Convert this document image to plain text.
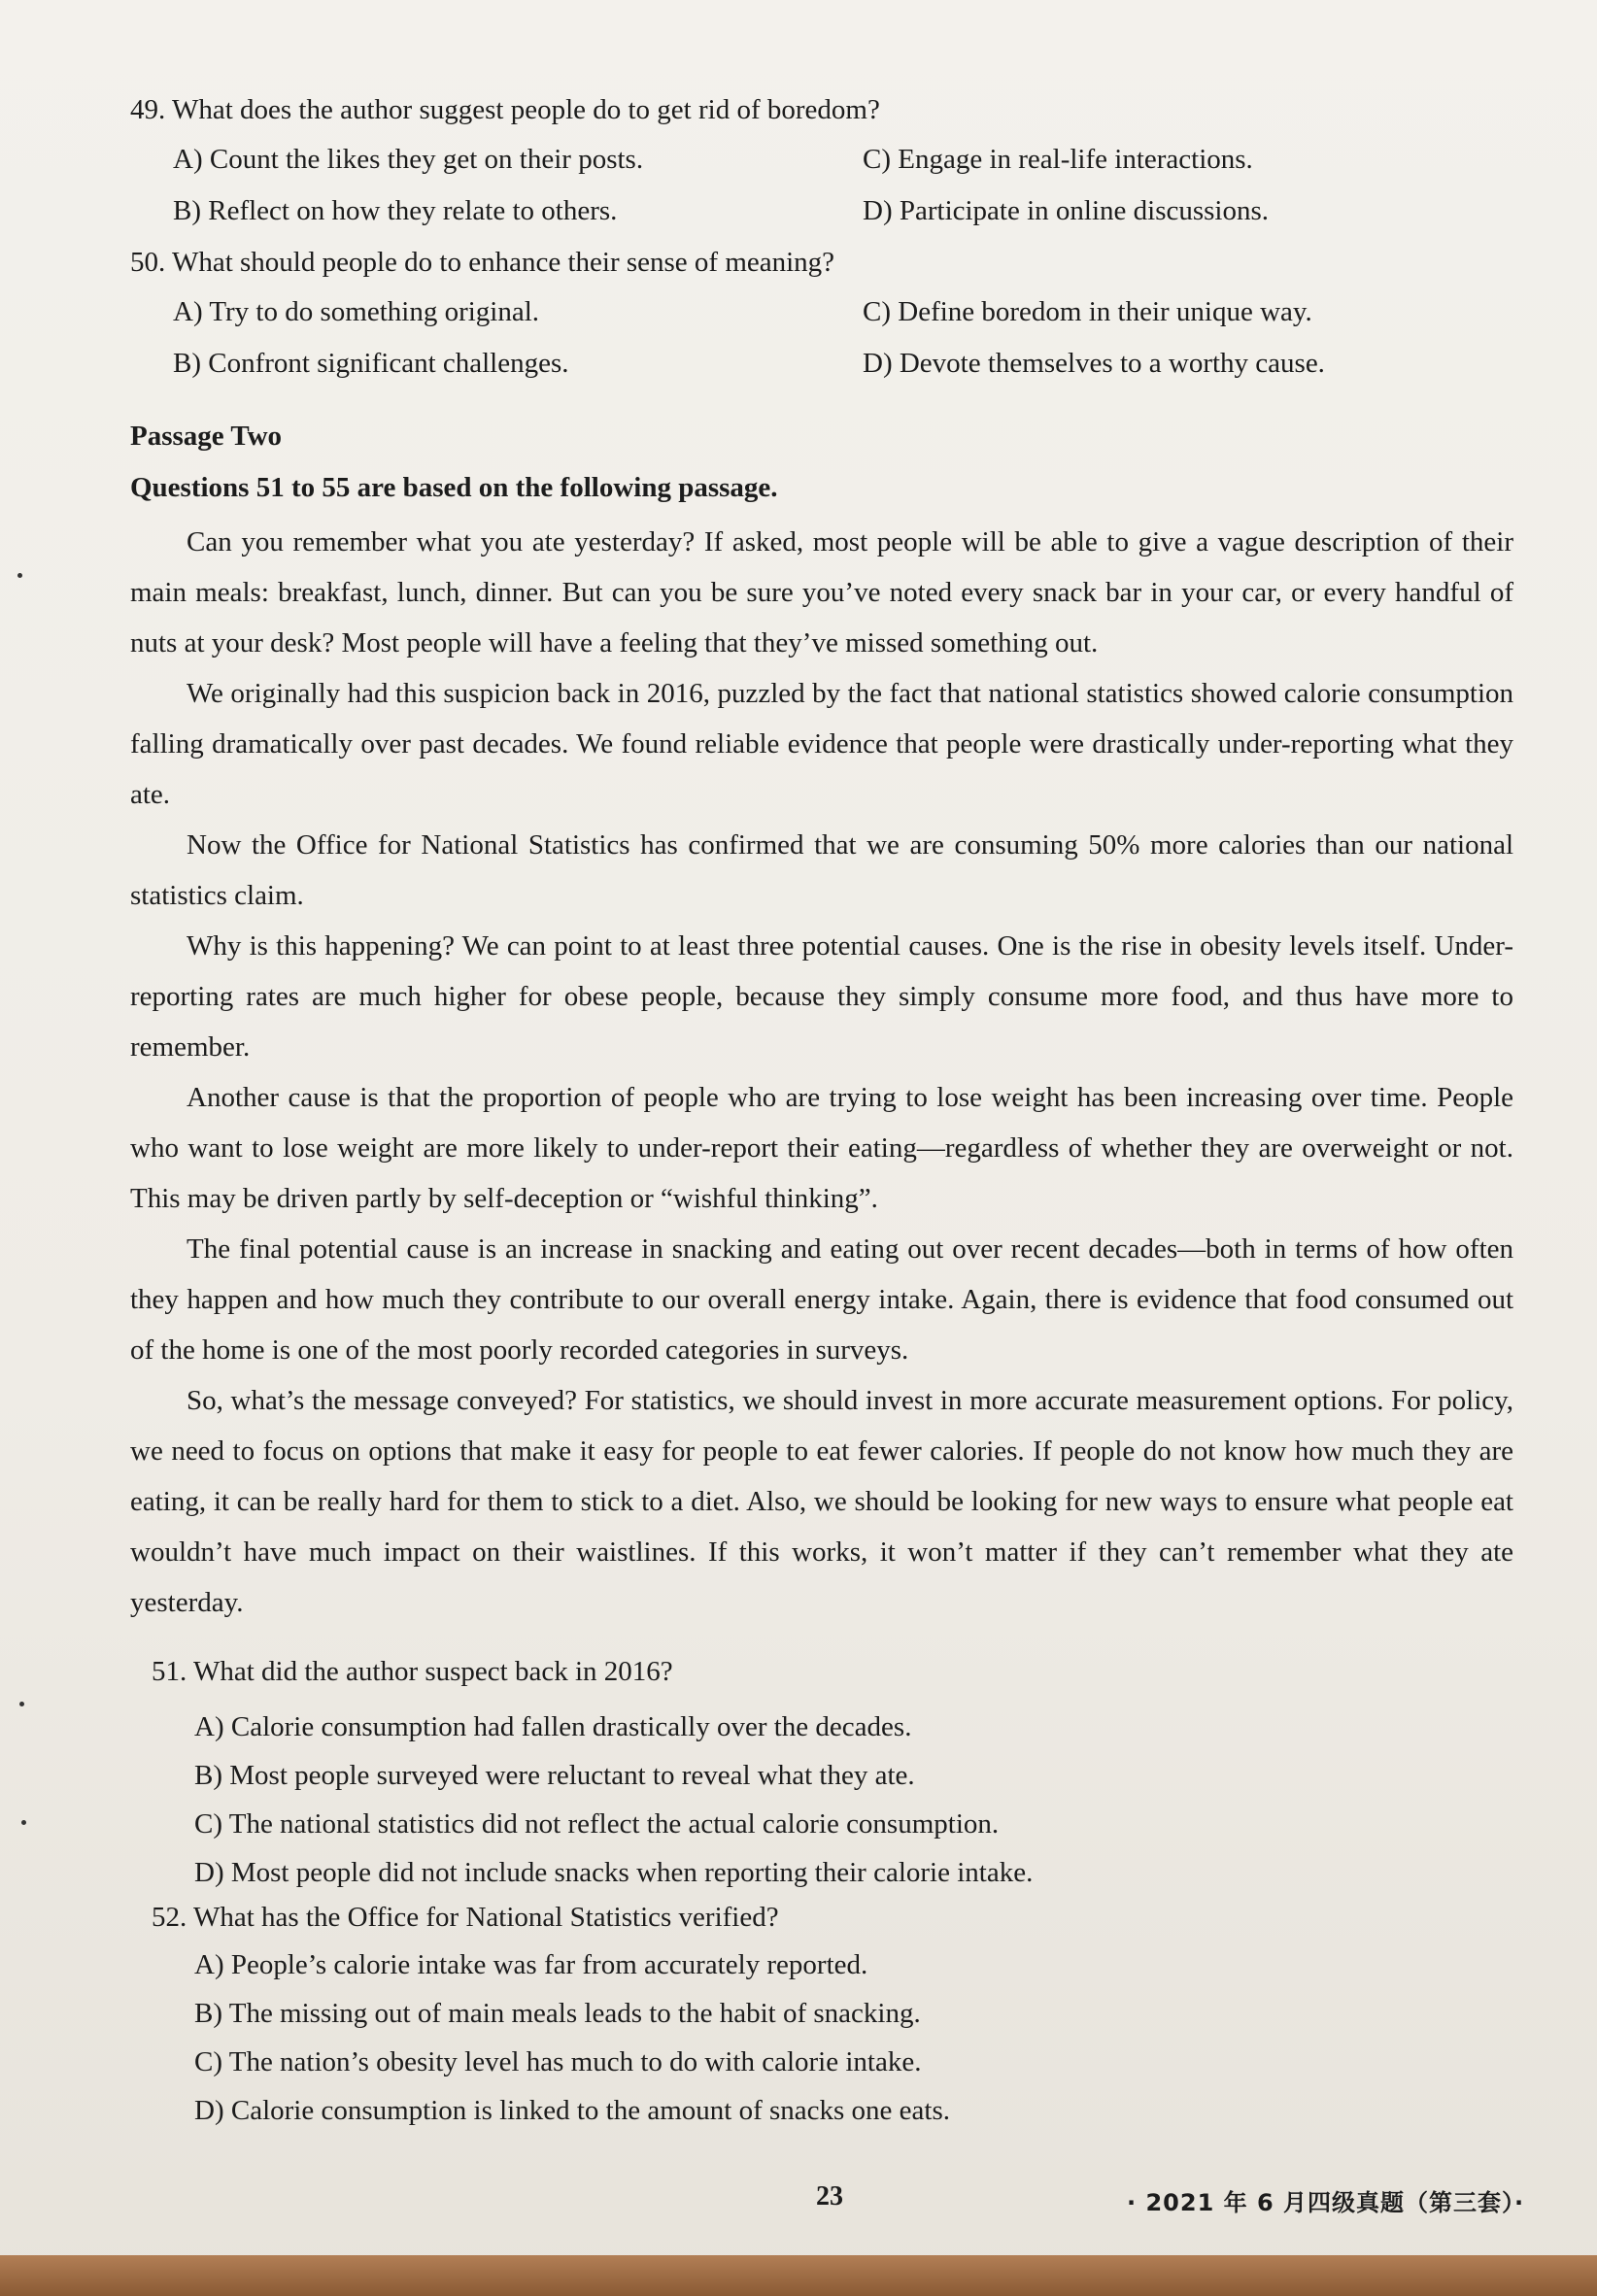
49. What does the author suggest people do to get rid of boredom?
A) Count the likes they get on their posts.	C) Engage in real-life interactions.
B) Reflect on how they relate to others.	D) Participate in online discussions.
50. What should people do to enhance their sense of meaning?
A) Try to do something original.	C) Define boredom in their unique way.
B) Confront significant challenges.	D) Devote themselves to a worthy cause.
Passage Two
Questions 51 to 55 are based on the following passage.

Can you remember what you ate yesterday? If asked, most people will be able to give a vague description of their main meals: breakfast, lunch, dinner. But can you be sure you’ve noted every snack bar in your car, or every handful of nuts at your desk? Most people will have a feeling that they’ve missed something out.

We originally had this suspicion back in 2016, puzzled by the fact that national statistics showed calorie consumption falling dramatically over past decades. We found reliable evidence that people were drastically under-reporting what they ate.

Now the Office for National Statistics has confirmed that we are consuming 50% more calories than our national statistics claim.

Why is this happening? We can point to at least three potential causes. One is the rise in obesity levels itself. Under-reporting rates are much higher for obese people, because they simply consume more food, and thus have more to remember.

Another cause is that the proportion of people who are trying to lose weight has been increasing over time. People who want to lose weight are more likely to under-report their eating—regardless of whether they are overweight or not. This may be driven partly by self-deception or “wishful thinking”.

The final potential cause is an increase in snacking and eating out over recent decades—both in terms of how often they happen and how much they contribute to our overall energy intake. Again, there is evidence that food consumed out of the home is one of the most poorly recorded categories in surveys.

So, what’s the message conveyed? For statistics, we should invest in more accurate measurement options. For policy, we need to focus on options that make it easy for people to eat fewer calories. If people do not know how much they are eating, it can be really hard for them to stick to a diet. Also, we should be looking for new ways to ensure what people eat wouldn’t have much impact on their waistlines. If this works, it won’t matter if they can’t remember what they ate yesterday.

51. What did the author suspect back in 2016?
A) Calorie consumption had fallen drastically over the decades.
B) Most people surveyed were reluctant to reveal what they ate.
C) The national statistics did not reflect the actual calorie consumption.
D) Most people did not include snacks when reporting their calorie intake.
52. What has the Office for National Statistics verified?
A) People’s calorie intake was far from accurately reported.
B) The missing out of main meals leads to the habit of snacking.
C) The nation’s obesity level has much to do with calorie intake.
D) Calorie consumption is linked to the amount of snacks one eats.
23	· 2021 年 6 月四级真题（第三套）·
